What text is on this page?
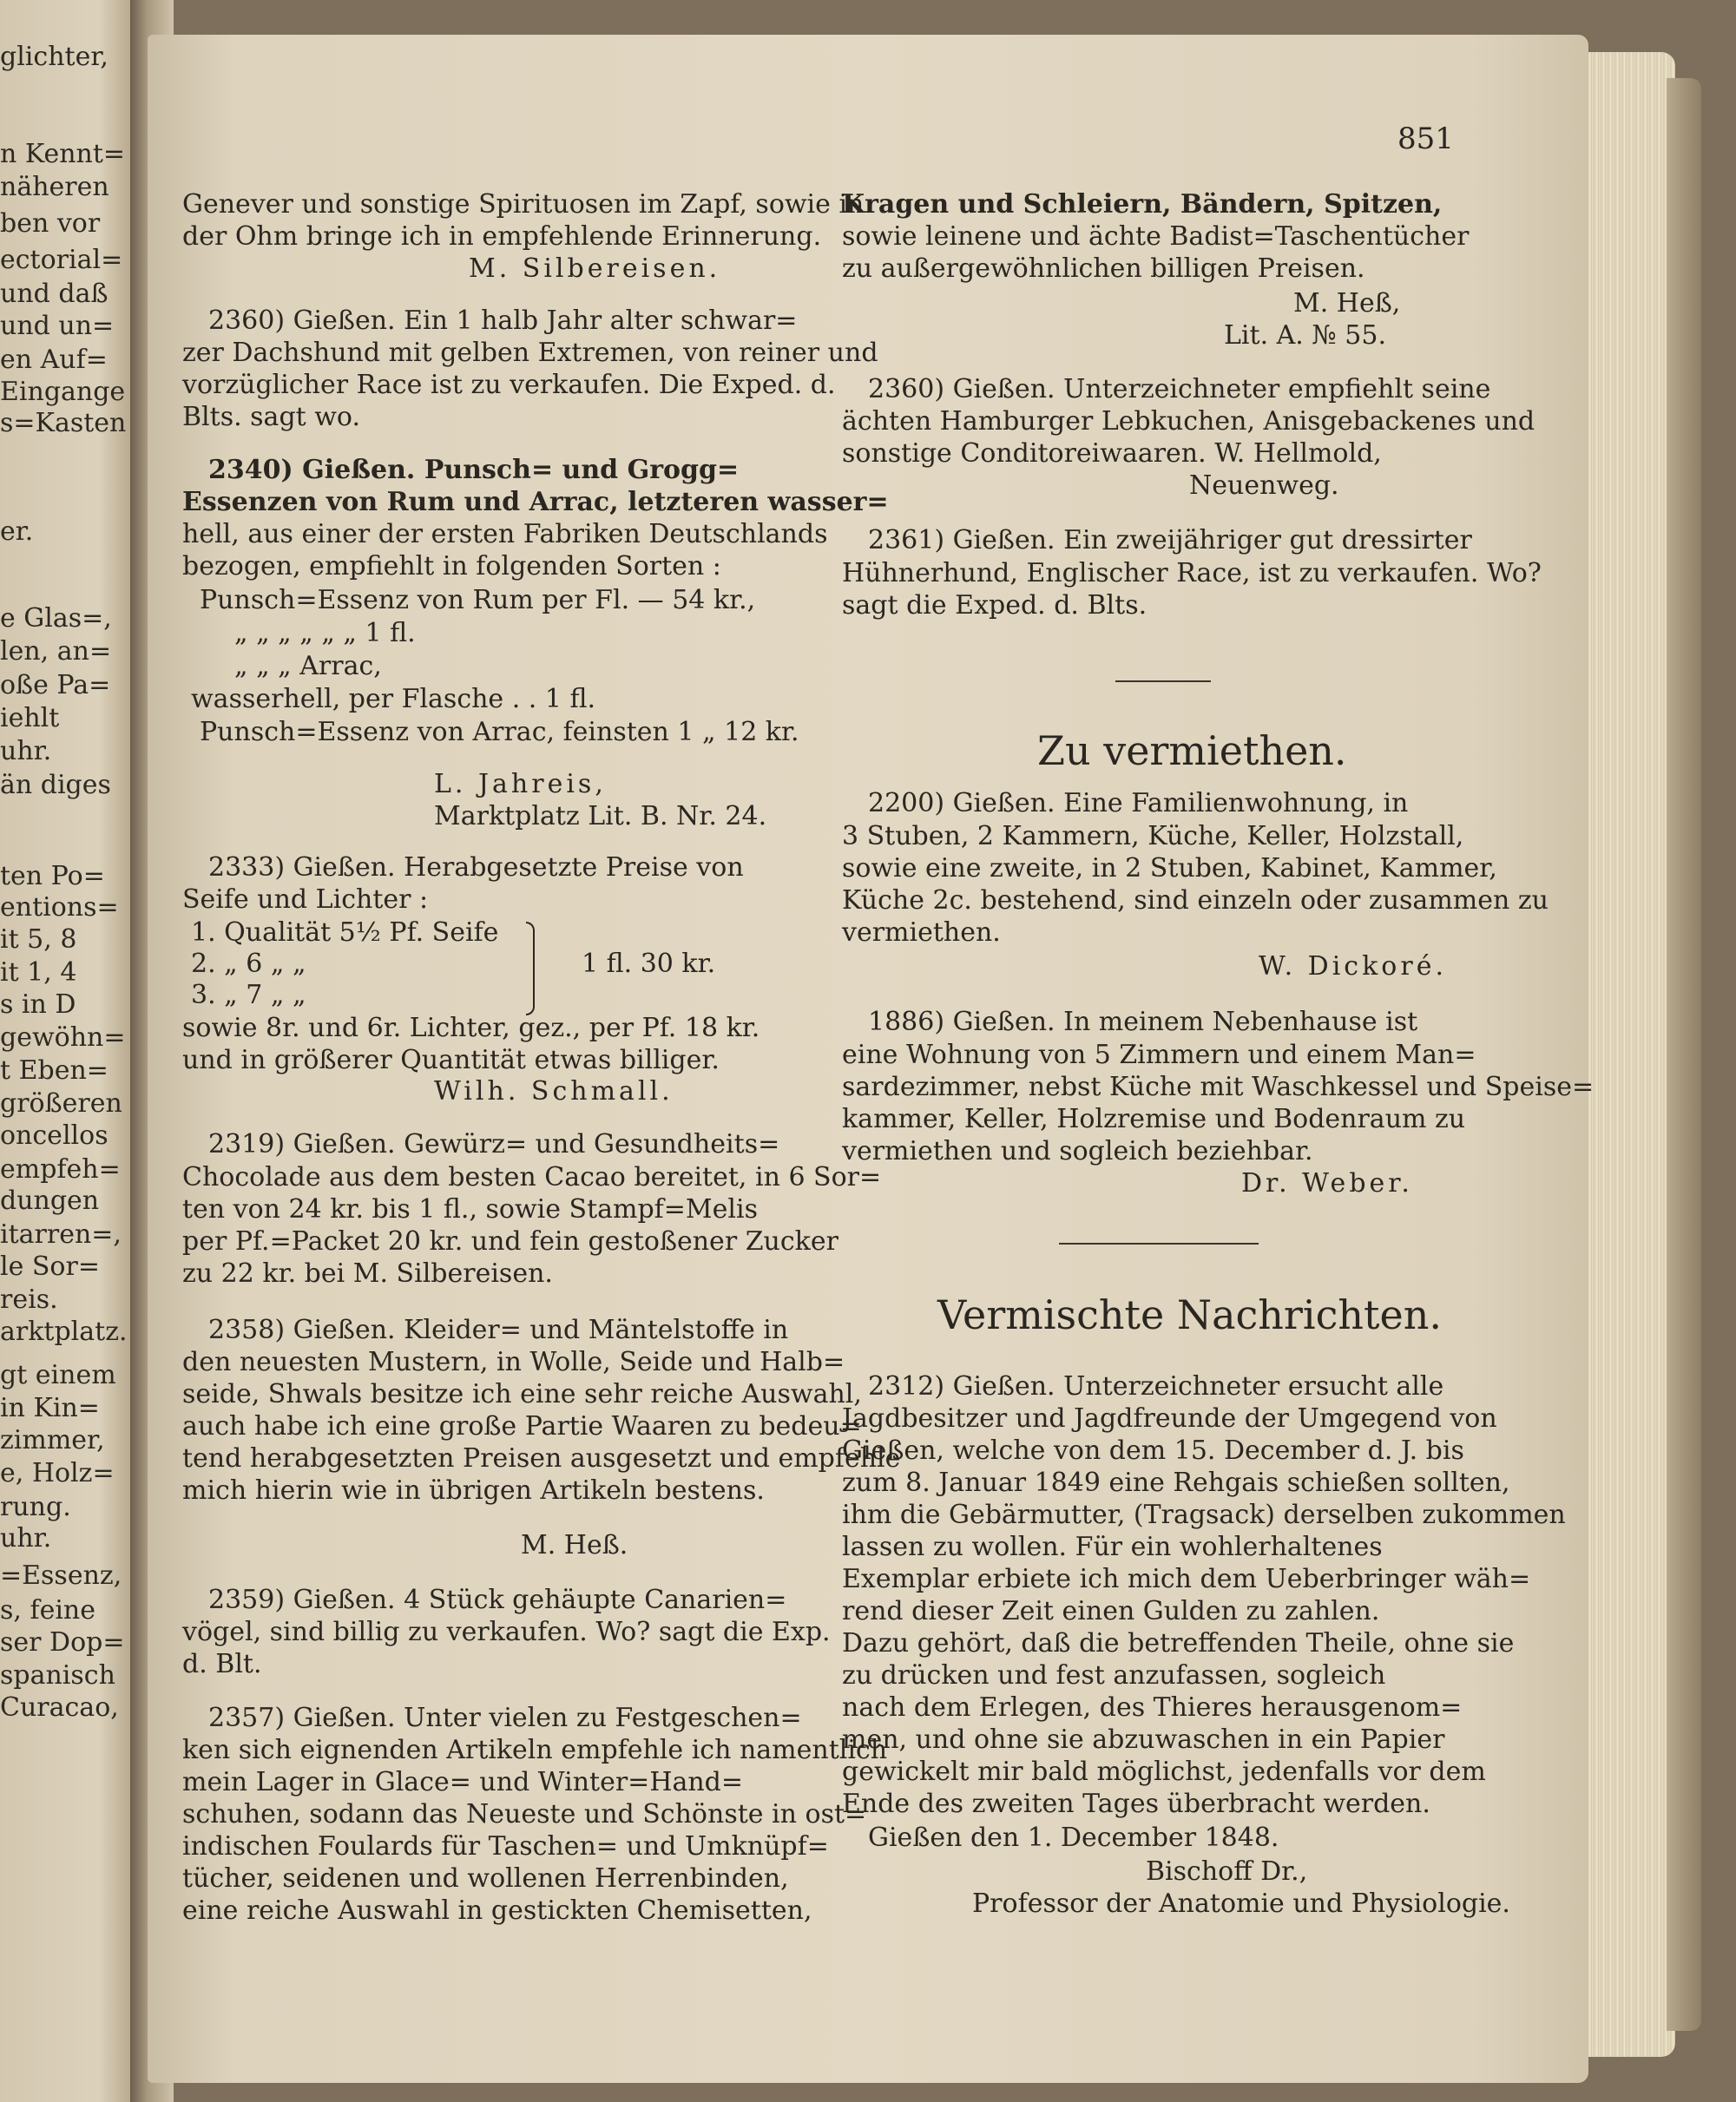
glichter,
n Kennt=
näheren
ben vor
ectorial=
und daß
und un=
en Auf=
Eingange
s=Kasten
er.
e Glas=,
len, an=
oße Pa=
iehlt
uhr.
än diges
ten Po=
entions=
it 5, 8
it 1, 4
s in D
gewöhn=
t Eben=
größeren
oncellos
empfeh=
dungen
itarren=,
le Sor=
reis.
arktplatz.
gt einem
in Kin=
zimmer,
e, Holz=
rung.
uhr.
=Essenz,
s, feine
ser Dop=
spanisch
Curacao,
851
Genever und sonstige Spirituosen im Zapf, sowie in
der Ohm bringe ich in empfehlende Erinnerung.
M. Silbereisen.
2360) Gießen. Ein 1 halb Jahr alter schwar=
zer Dachshund mit gelben Extremen, von reiner und
vorzüglicher Race ist zu verkaufen. Die Exped. d.
Blts. sagt wo.
2340) Gießen. Punsch= und Grogg=
Essenzen von Rum und Arrac, letzteren wasser=
hell, aus einer der ersten Fabriken Deutschlands
bezogen, empfiehlt in folgenden Sorten :
Punsch=Essenz von Rum per Fl. — 54 kr.,
„ „ „ „ „ „ 1 fl.
„ „ „ Arrac,
wasserhell, per Flasche . . 1 fl.
Punsch=Essenz von Arrac, feinsten 1 „ 12 kr.
L. Jahreis,
Marktplatz Lit. B. Nr. 24.
2333) Gießen. Herabgesetzte Preise von
Seife und Lichter :
1. Qualität 5½ Pf. Seife
2. „ 6 „ „
3. „ 7 „ „
1 fl. 30 kr.
sowie 8r. und 6r. Lichter, gez., per Pf. 18 kr.
und in größerer Quantität etwas billiger.
Wilh. Schmall.
2319) Gießen. Gewürz= und Gesundheits=
Chocolade aus dem besten Cacao bereitet, in 6 Sor=
ten von 24 kr. bis 1 fl., sowie Stampf=Melis
per Pf.=Packet 20 kr. und fein gestoßener Zucker
zu 22 kr. bei M. Silbereisen.
2358) Gießen. Kleider= und Mäntelstoffe in
den neuesten Mustern, in Wolle, Seide und Halb=
seide, Shwals besitze ich eine sehr reiche Auswahl,
auch habe ich eine große Partie Waaren zu bedeu=
tend herabgesetzten Preisen ausgesetzt und empfehle
mich hierin wie in übrigen Artikeln bestens.
M. Heß.
2359) Gießen. 4 Stück gehäupte Canarien=
vögel, sind billig zu verkaufen. Wo? sagt die Exp.
d. Blt.
2357) Gießen. Unter vielen zu Festgeschen=
ken sich eignenden Artikeln empfehle ich namentlich
mein Lager in Glace= und Winter=Hand=
schuhen, sodann das Neueste und Schönste in ost=
indischen Foulards für Taschen= und Umknüpf=
tücher, seidenen und wollenen Herrenbinden,
eine reiche Auswahl in gestickten Chemisetten,
Kragen und Schleiern, Bändern, Spitzen,
sowie leinene und ächte Badist=Taschentücher
zu außergewöhnlichen billigen Preisen.
M. Heß,
Lit. A. № 55.
2360) Gießen. Unterzeichneter empfiehlt seine
ächten Hamburger Lebkuchen, Anisgebackenes und
sonstige Conditoreiwaaren. W. Hellmold,
Neuenweg.
2361) Gießen. Ein zweijähriger gut dressirter
Hühnerhund, Englischer Race, ist zu verkaufen. Wo?
sagt die Exped. d. Blts.
2200) Gießen. Eine Familienwohnung, in
3 Stuben, 2 Kammern, Küche, Keller, Holzstall,
sowie eine zweite, in 2 Stuben, Kabinet, Kammer,
Küche 2c. bestehend, sind einzeln oder zusammen zu
vermiethen.
W. Dickoré.
1886) Gießen. In meinem Nebenhause ist
eine Wohnung von 5 Zimmern und einem Man=
sardezimmer, nebst Küche mit Waschkessel und Speise=
kammer, Keller, Holzremise und Bodenraum zu
vermiethen und sogleich beziehbar.
Dr. Weber.
2312) Gießen. Unterzeichneter ersucht alle
Jagdbesitzer und Jagdfreunde der Umgegend von
Gießen, welche von dem 15. December d. J. bis
zum 8. Januar 1849 eine Rehgais schießen sollten,
ihm die Gebärmutter, (Tragsack) derselben zukommen
lassen zu wollen. Für ein wohlerhaltenes
Exemplar erbiete ich mich dem Ueberbringer wäh=
rend dieser Zeit einen Gulden zu zahlen.
Dazu gehört, daß die betreffenden Theile, ohne sie
zu drücken und fest anzufassen, sogleich
nach dem Erlegen, des Thieres herausgenom=
men, und ohne sie abzuwaschen in ein Papier
gewickelt mir bald möglichst, jedenfalls vor dem
Ende des zweiten Tages überbracht werden.
Gießen den 1. December 1848.
Bischoff Dr.,
Professor der Anatomie und Physiologie.
Zu vermiethen.
Vermischte Nachrichten.
